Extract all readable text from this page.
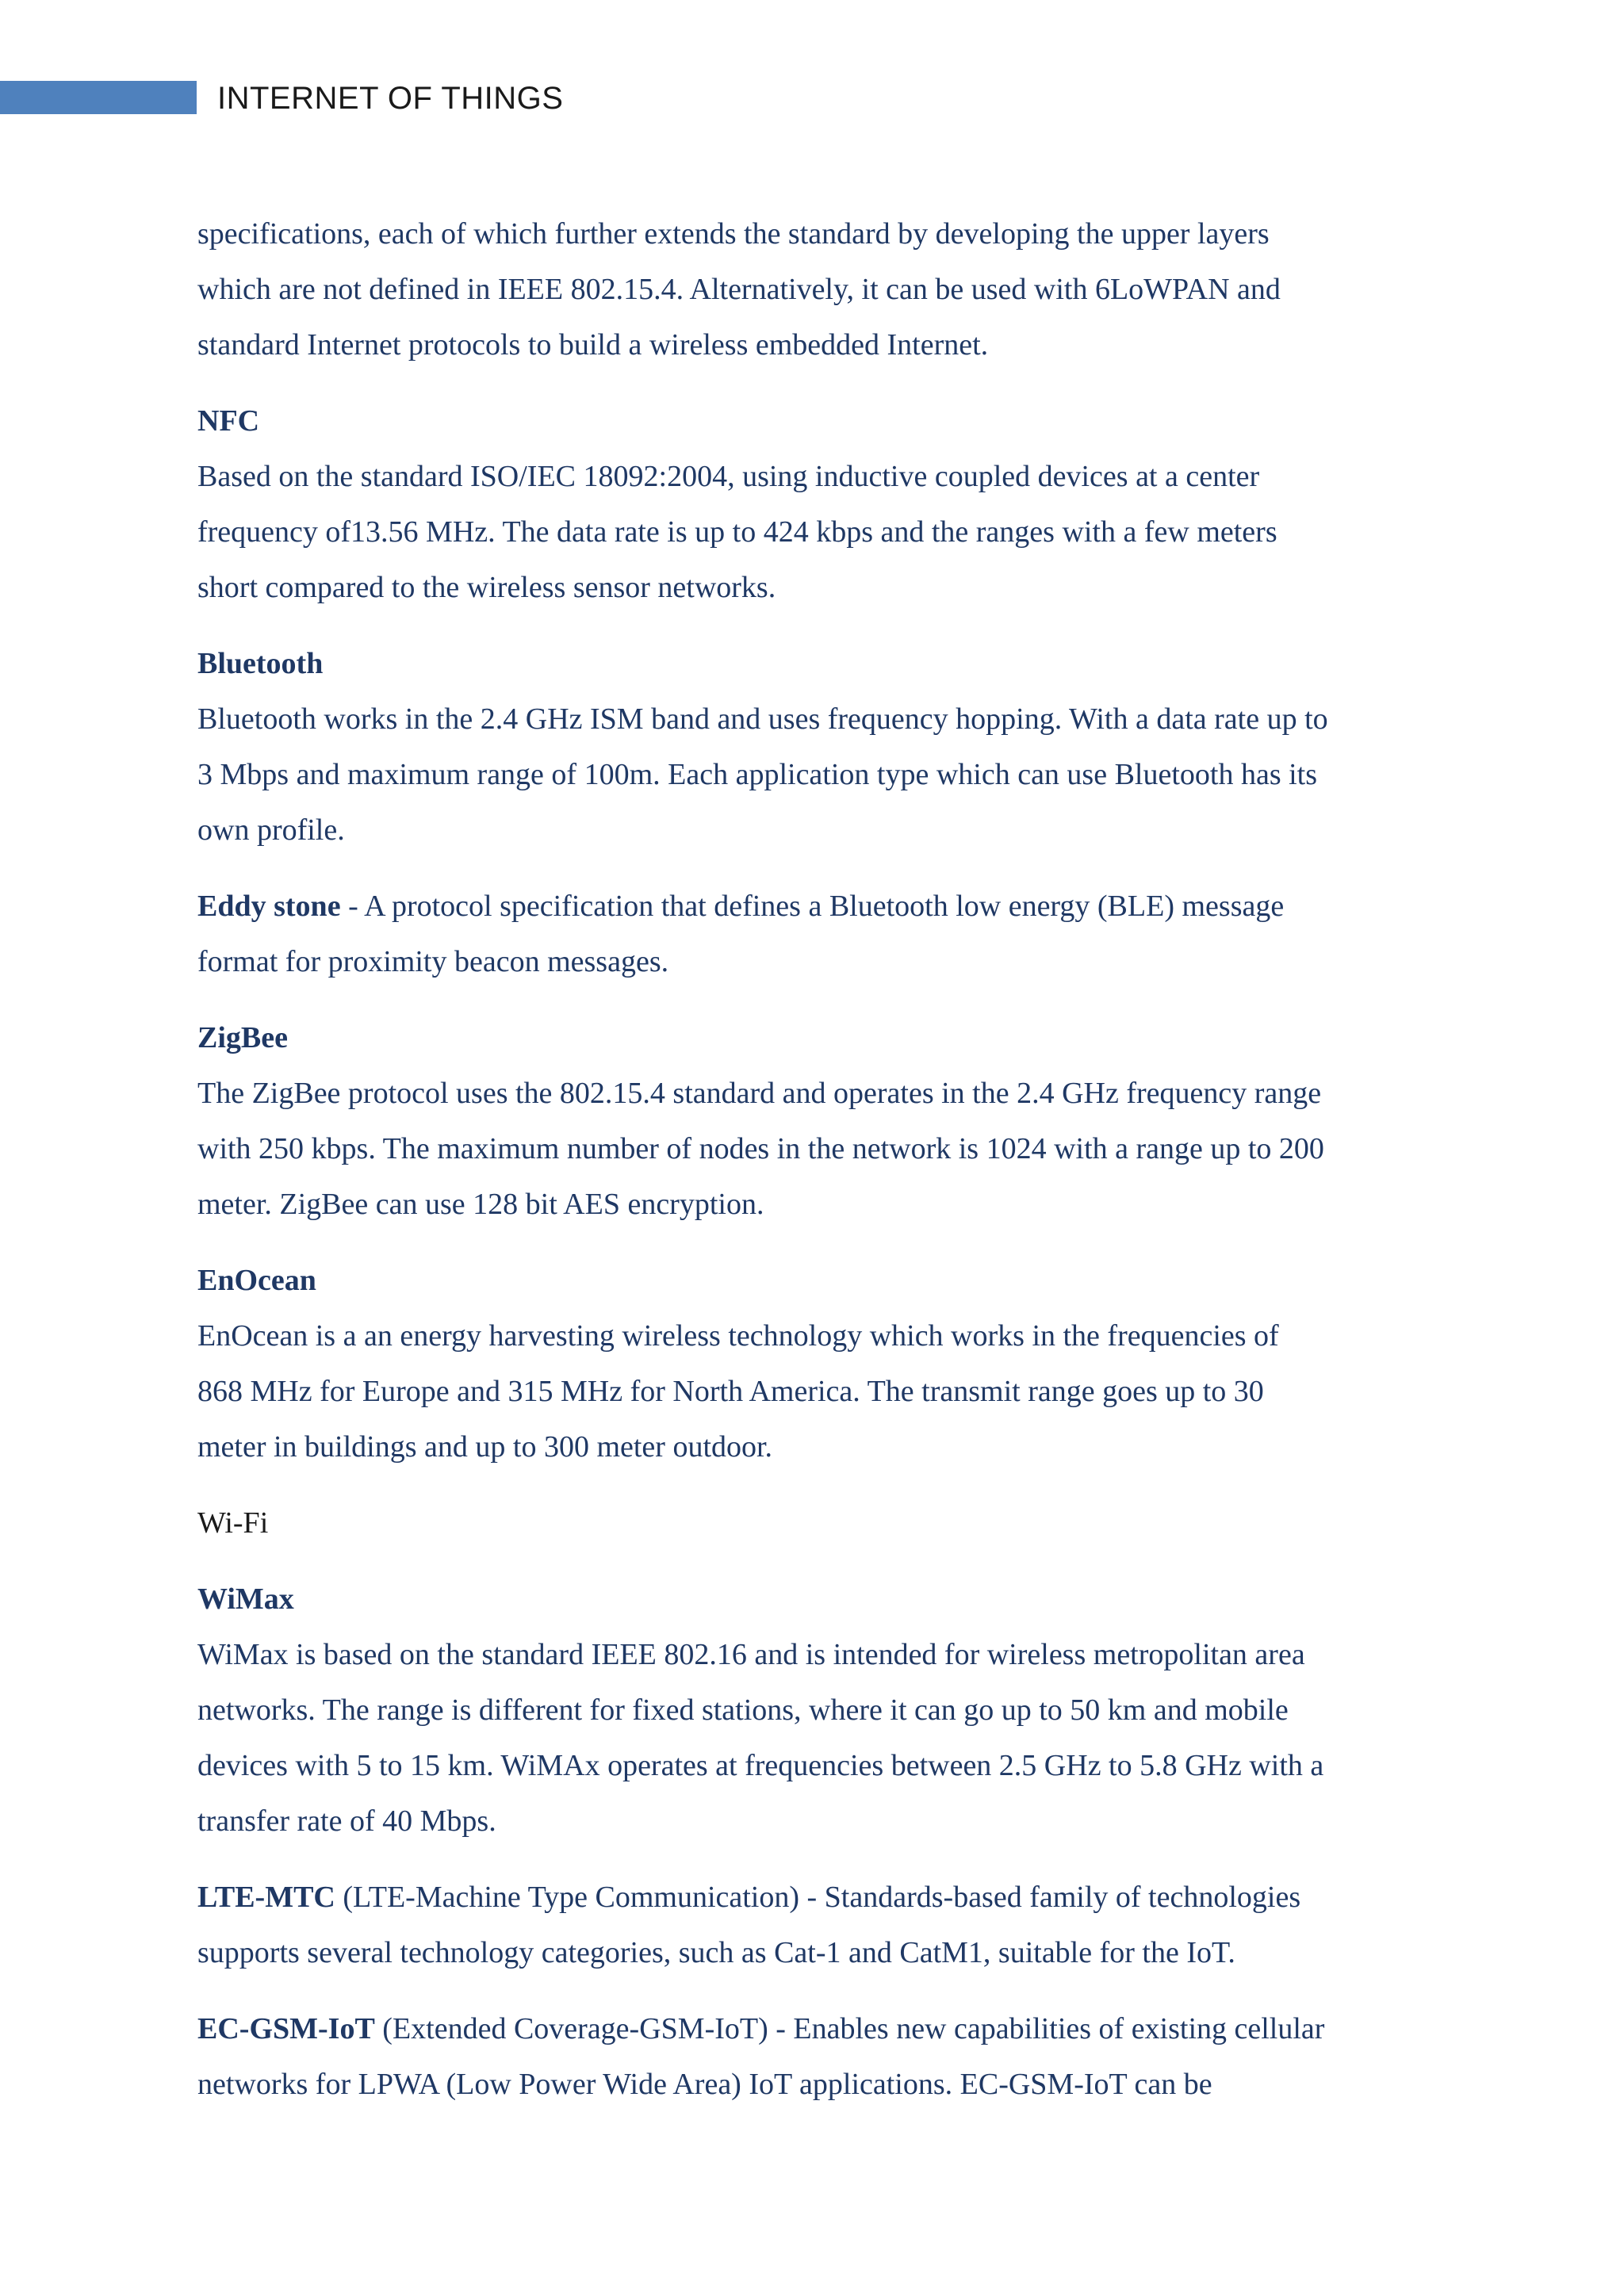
INTERNET OF THINGS
specifications, each of which further extends the standard by developing the upper layers
which are not defined in IEEE 802.15.4. Alternatively, it can be used with 6LoWPAN and
standard Internet protocols to build a wireless embedded Internet.
NFC
Based on the standard ISO/IEC 18092:2004, using inductive coupled devices at a center
frequency of13.56 MHz. The data rate is up to 424 kbps and the ranges with a few meters
short compared to the wireless sensor networks.
Bluetooth
Bluetooth works in the 2.4 GHz ISM band and uses frequency hopping. With a data rate up to
3 Mbps and maximum range of 100m. Each application type which can use Bluetooth has its
own profile.
Eddy stone - A protocol specification that defines a Bluetooth low energy (BLE) message
format for proximity beacon messages.
ZigBee
The ZigBee protocol uses the 802.15.4 standard and operates in the 2.4 GHz frequency range
with 250 kbps. The maximum number of nodes in the network is 1024 with a range up to 200
meter. ZigBee can use 128 bit AES encryption.
EnOcean
EnOcean is a an energy harvesting wireless technology which works in the frequencies of
868 MHz for Europe and 315 MHz for North America. The transmit range goes up to 30
meter in buildings and up to 300 meter outdoor.
Wi-Fi
WiMax
WiMax is based on the standard IEEE 802.16 and is intended for wireless metropolitan area
networks. The range is different for fixed stations, where it can go up to 50 km and mobile
devices with 5 to 15 km. WiMAx operates at frequencies between 2.5 GHz to 5.8 GHz with a
transfer rate of 40 Mbps.
LTE-MTC (LTE-Machine Type Communication) - Standards-based family of technologies
supports several technology categories, such as Cat-1 and CatM1, suitable for the IoT.
EC-GSM-IoT (Extended Coverage-GSM-IoT) - Enables new capabilities of existing cellular
networks for LPWA (Low Power Wide Area) IoT applications. EC-GSM-IoT can be
